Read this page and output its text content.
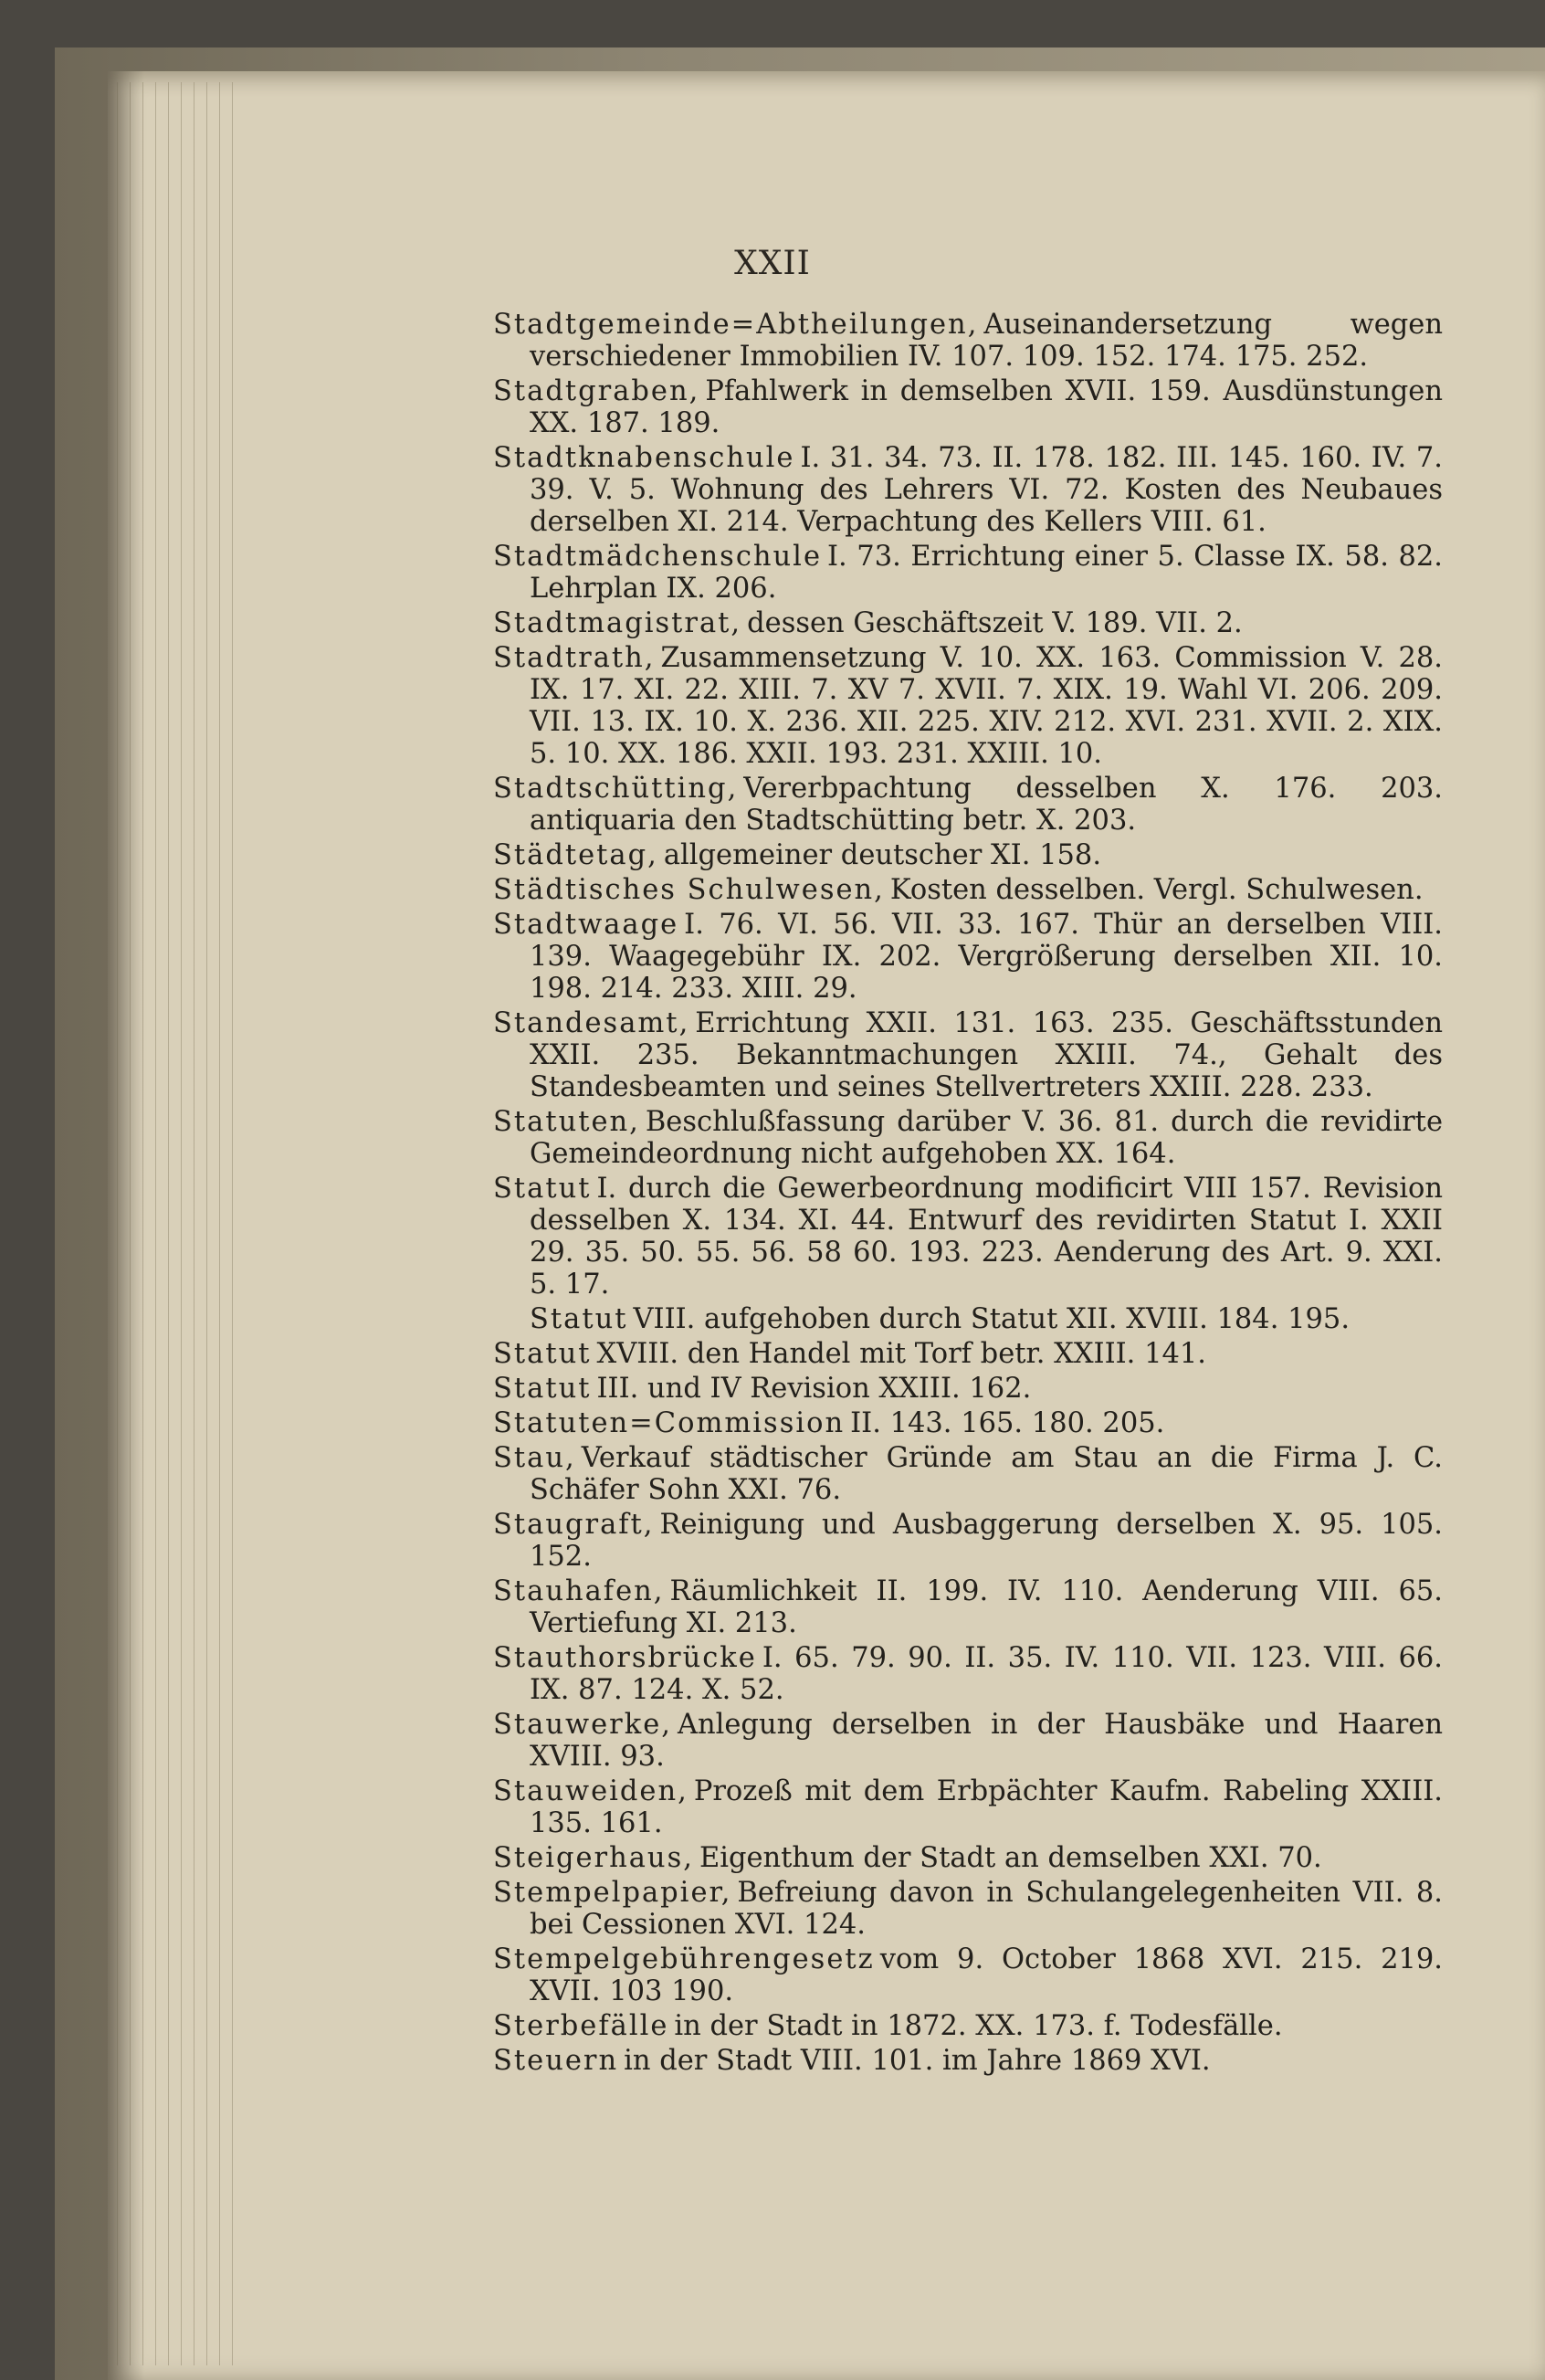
XXII

Stadtgemeinde=Abtheilungen, Auseinandersetzung wegen verschiedener Immobilien IV. 107. 109. 152. 174. 175. 252.

Stadtgraben, Pfahlwerk in demselben XVII. 159. Ausdünstungen XX. 187. 189.

Stadtknabenschule I. 31. 34. 73. II. 178. 182. III. 145. 160. IV. 7. 39. V. 5. Wohnung des Lehrers VI. 72. Kosten des Neubaues derselben XI. 214. Verpachtung des Kellers VIII. 61.

Stadtmädchenschule I. 73. Errichtung einer 5. Classe IX. 58. 82. Lehrplan IX. 206.

Stadtmagistrat, dessen Geschäftszeit V. 189. VII. 2.

Stadtrath, Zusammensetzung V. 10. XX. 163. Commission V. 28. IX. 17. XI. 22. XIII. 7. XV 7. XVII. 7. XIX. 19. Wahl VI. 206. 209. VII. 13. IX. 10. X. 236. XII. 225. XIV. 212. XVI. 231. XVII. 2. XIX. 5. 10. XX. 186. XXII. 193. 231. XXIII. 10.

Stadtschütting, Vererbpachtung desselben X. 176. 203. antiquaria den Stadtschütting betr. X. 203.

Städtetag, allgemeiner deutscher XI. 158.

Städtisches Schulwesen, Kosten desselben. Vergl. Schulwesen.

Stadtwaage I. 76. VI. 56. VII. 33. 167. Thür an derselben VIII. 139. Waagegebühr IX. 202. Vergrößerung derselben XII. 10. 198. 214. 233. XIII. 29.

Standesamt, Errichtung XXII. 131. 163. 235. Geschäftsstunden XXII. 235. Bekanntmachungen XXIII. 74., Gehalt des Standesbeamten und seines Stellvertreters XXIII. 228. 233.

Statuten, Beschlußfassung darüber V. 36. 81. durch die revidirte Gemeindeordnung nicht aufgehoben XX. 164.

Statut I. durch die Gewerbeordnung modificirt VIII 157. Revision desselben X. 134. XI. 44. Entwurf des revidirten Statut I. XXII 29. 35. 50. 55. 56. 58 60. 193. 223. Aenderung des Art. 9. XXI. 5. 17.

Statut VIII. aufgehoben durch Statut XII. XVIII. 184. 195.

Statut XVIII. den Handel mit Torf betr. XXIII. 141.

Statut III. und IV Revision XXIII. 162.

Statuten=Commission II. 143. 165. 180. 205.

Stau, Verkauf städtischer Gründe am Stau an die Firma J. C. Schäfer Sohn XXI. 76.

Staugraft, Reinigung und Ausbaggerung derselben X. 95. 105. 152.

Stauhafen, Räumlichkeit II. 199. IV. 110. Aenderung VIII. 65. Vertiefung XI. 213.

Stauthorsbrücke I. 65. 79. 90. II. 35. IV. 110. VII. 123. VIII. 66. IX. 87. 124. X. 52.

Stauwerke, Anlegung derselben in der Hausbäke und Haaren XVIII. 93.

Stauweiden, Prozeß mit dem Erbpächter Kaufm. Rabeling XXIII. 135. 161.

Steigerhaus, Eigenthum der Stadt an demselben XXI. 70.

Stempelpapier, Befreiung davon in Schulangelegenheiten VII. 8. bei Cessionen XVI. 124.

Stempelgebührengesetz vom 9. October 1868 XVI. 215. 219. XVII. 103 190.

Sterbefälle in der Stadt in 1872. XX. 173. f. Todesfälle.

Steuern in der Stadt VIII. 101. im Jahre 1869 XVI.
